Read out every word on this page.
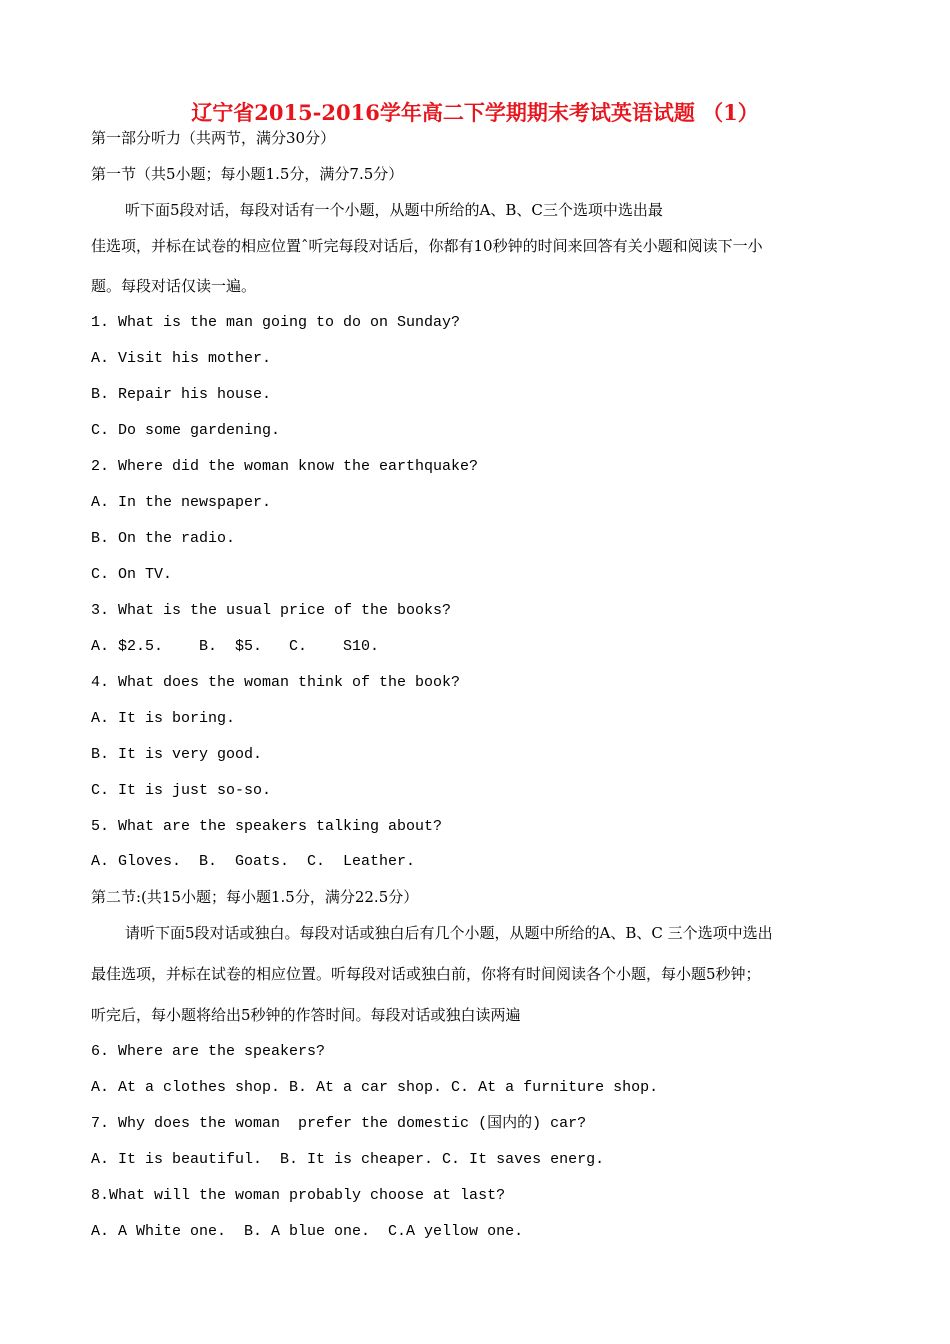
辽宁省2015-2016学年高二下学期期末考试英语试题 （1）
第一部分听力（共两节，满分30分）
第一节（共5小题；每小题1.5分，满分7.5分）
听下面5段对话，每段对话有一个小题，从题中所给的A、B、C三个选项中选出最
佳选项，并标在试卷的相应位置ˆ听完每段对话后，你都有10秒钟的时间来回答有关小题和阅读下一小
题。每段对话仅读一遍。
1. What is the man going to do on Sunday?
A. Visit his mother.
B. Repair his house.
C. Do some gardening.
2. Where did the woman know the earthquake?
A. In the newspaper.
B. On the radio.
C. On TV.
3. What is the usual price of the books?
A. $2.5.    B.  $5.   C.    S10.
4. What does the woman think of the book?
A. It is boring.
B. It is very good.
C. It is just so-so.
5. What are the speakers talking about?
A. Gloves.  B.  Goats.  C.  Leather.
第二节:(共15小题；每小题1.5分，满分22.5分）
请听下面5段对话或独白。每段对话或独白后有几个小题，从题中所给的A、B、C 三个选项中选出
最佳选项，并标在试卷的相应位置。听每段对话或独白前，你将有时间阅读各个小题，每小题5秒钟；
听完后，每小题将给出5秒钟的作答时间。每段对话或独白读两遍
6. Where are the speakers?
A. At a clothes shop. B. At a car shop. C. At a furniture shop.
7. Why does the woman  prefer the domestic (国内的) car?
A. It is beautiful.  B. It is cheaper. C. It saves energ.
8.What will the woman probably choose at last?
A. A White one.  B. A blue one.  C.A yellow one.
